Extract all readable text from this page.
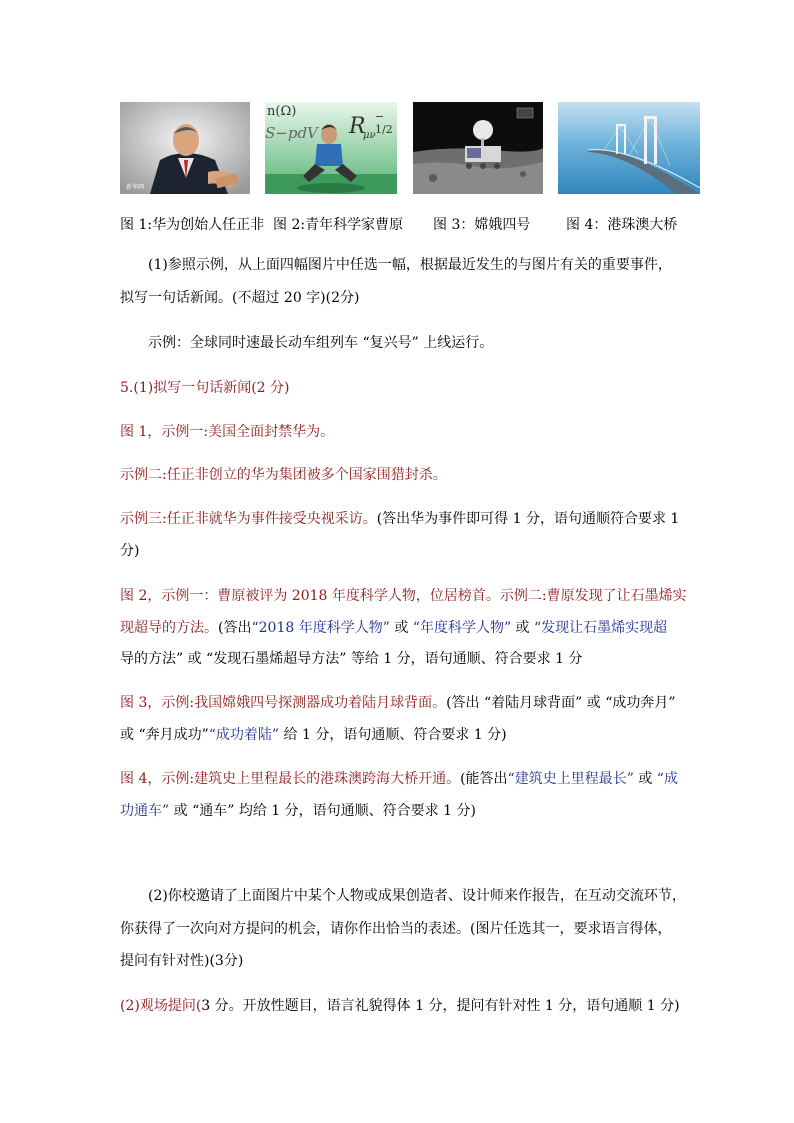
新华网
n(Ω)
S−pdV R
μν
− 1/2
图 1:华为创始人任正非 图 2:青年科学家曹原 图 3：嫦娥四号	图 4：港珠澳大桥
(1)参照示例，从上面四幅图片中任选一幅，根据最近发生的与图片有关的重要事件，
拟写一句话新闻。(不超过 20 字)(2分)
示例：全球同时速最长动车组列车 “复兴号” 上线运行。
5.(1)拟写一句话新闻(2 分)
图 1，示例一:美国全面封禁华为。
示例二:任正非创立的华为集团被多个国家围猎封杀。
示例三:任正非就华为事件接受央视采访。(答出华为事件即可得 1 分，语句通顺符合要求 1
分)
图 2，示例一：曹原被评为 2018 年度科学人物，位居榜首。示例二:曹原发现了让石墨烯实
现超导的方法。(答出“2018 年度科学人物” 或 “年度科学人物” 或 “发现让石墨烯实现超
导的方法” 或 “发现石墨烯超导方法” 等给 1 分，语句通顺、符合要求 1 分
图 3，示例:我国嫦娥四号探测器成功着陆月球背面。(答出 “着陆月球背面” 或 “成功奔月”
或 “奔月成功”“成功着陆” 给 1 分，语句通顺、符合要求 1 分)
图 4，示例:建筑史上里程最长的港珠澳跨海大桥开通。(能答出“建筑史上里程最长” 或 “成
功通车” 或 “通车” 均给 1 分，语句通顺、符合要求 1 分)
(2)你校邀请了上面图片中某个人物或成果创造者、设计师来作报告，在互动交流环节，
你获得了一次向对方提问的机会，请你作出恰当的表述。(图片任选其一，要求语言得体，
提问有针对性)(3分)
(2)观场提问(3 分。开放性题目，语言礼貌得体 1 分，提问有针对性 1 分，语句通顺 1 分)
